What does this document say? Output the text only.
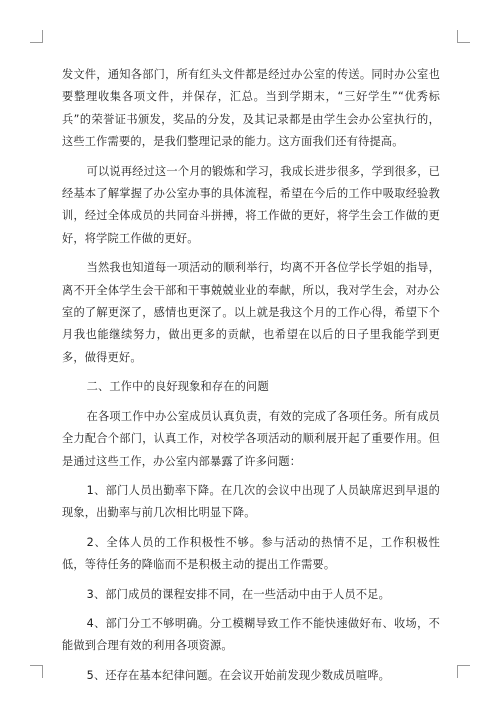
发文件，通知各部门，所有红头文件都是经过办公室的传送。同时办公室也要整理收集各项文件，并保存，汇总。当到学期末，“三好学生”“优秀标兵”的荣誉证书颁发，奖品的分发，及其记录都是由学生会办公室执行的，这些工作需要的，是我们整理记录的能力。这方面我们还有待提高。

可以说再经过这一个月的锻炼和学习，我成长进步很多，学到很多，已经基本了解掌握了办公室办事的具体流程，希望在今后的工作中吸取经验教训，经过全体成员的共同奋斗拼搏，将工作做的更好，将学生会工作做的更好，将学院工作做的更好。

当然我也知道每一项活动的顺利举行，均离不开各位学长学姐的指导，离不开全体学生会干部和干事兢兢业业的奉献，所以，我对学生会，对办公室的了解更深了，感情也更深了。以上就是我这个月的工作心得，希望下个月我也能继续努力，做出更多的贡献，也希望在以后的日子里我能学到更多，做得更好。

二、工作中的良好现象和存在的问题

在各项工作中办公室成员认真负责，有效的完成了各项任务。所有成员全力配合个部门，认真工作，对校学各项活动的顺利展开起了重要作用。但是通过这些工作，办公室内部暴露了许多问题：

1、部门人员出勤率下降。在几次的会议中出现了人员缺席迟到早退的现象，出勤率与前几次相比明显下降。

2、全体人员的工作积极性不够。参与活动的热情不足，工作积极性低，等待任务的降临而不是积极主动的提出工作需要。

3、部门成员的课程安排不同，在一些活动中由于人员不足。

4、部门分工不够明确。分工模糊导致工作不能快速做好布、收场，不能做到合理有效的利用各项资源。

5、还存在基本纪律问题。在会议开始前发现少数成员喧哗。
